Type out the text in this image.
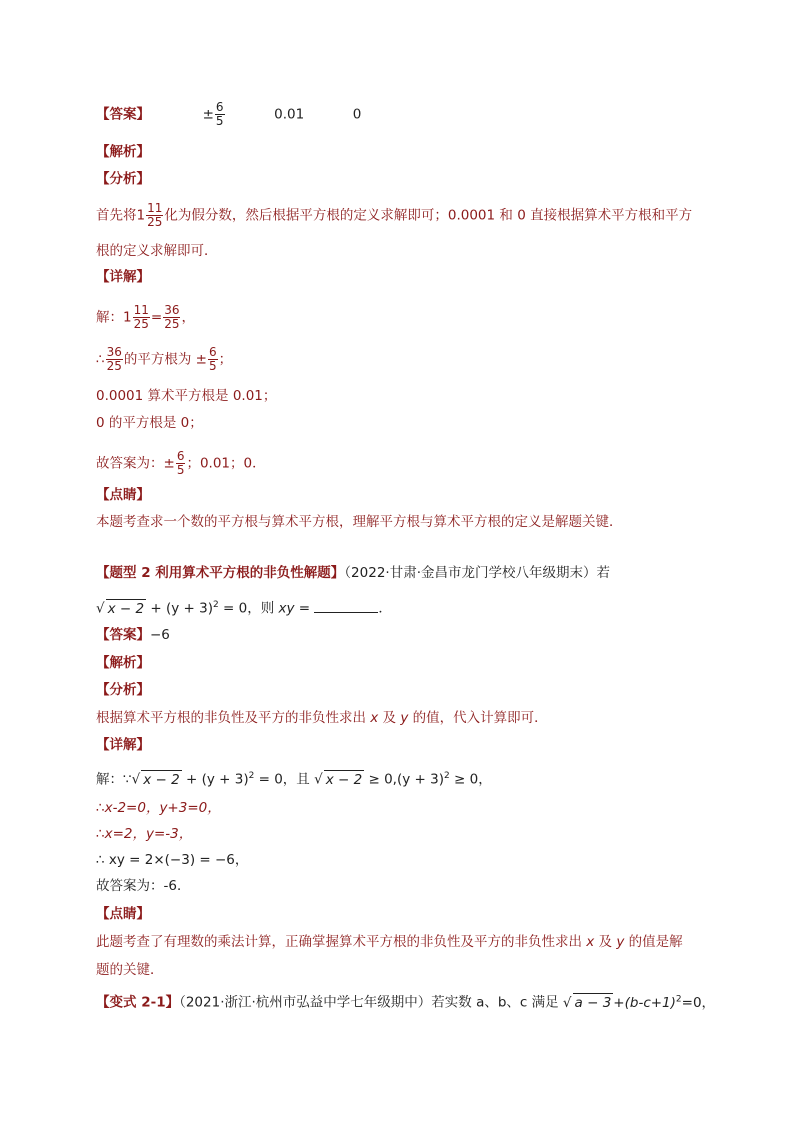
【答案】	± $\frac{6}{5}$	0.01	0
【解析】
【分析】
首先将$1 \frac{11}{25}$ 化为假分数，然后根据平方根的定义求解即可；0.0001 和 0 直接根据算术平方根和平方
根的定义求解即可．
【详解】
解：$1 \frac{11}{25} = \frac{36}{25}$ ，
∴ $\frac{36}{25}$ 的平方根为 ± $\frac{6}{5}$ ；
0.0001 算术平方根是 0.01；
0 的平方根是 0；
故答案为：± $\frac{6}{5}$ ；0.01；0．
【点睛】
本题考查求一个数的平方根与算术平方根，理解平方根与算术平方根的定义是解题关键．
【题型 2 利用算术平方根的非负性解题】（2022·甘肃·金昌市龙门学校八年级期末）若
√ $x - 2 + (y + 3)^2 = 0$，则 xy =	．
【答案】−6
【解析】
【分析】
根据算术平方根的非负性及平方的非负性求出 x 及 y 的值，代入计算即可．
【详解】
解：∵√ $x - 2 + (y + 3)^2 = 0$，且 √ $x - 2 \ge 0,(y + 3)^2 \ge 0$，
∴x-2=0，y+3=0，
∴x=2，y=-3，
∴ xy = 2×(−3) = −6，
故答案为：-6．
【点睛】
此题考查了有理数的乘法计算，正确掌握算术平方根的非负性及平方的非负性求出 x 及 y 的值是解
题的关键．
【变式 2-1】（2021·浙江·杭州市弘益中学七年级期中）若实数 a、b、c 满足 √ $a - 3 +(b-c+1)^2=0$，
